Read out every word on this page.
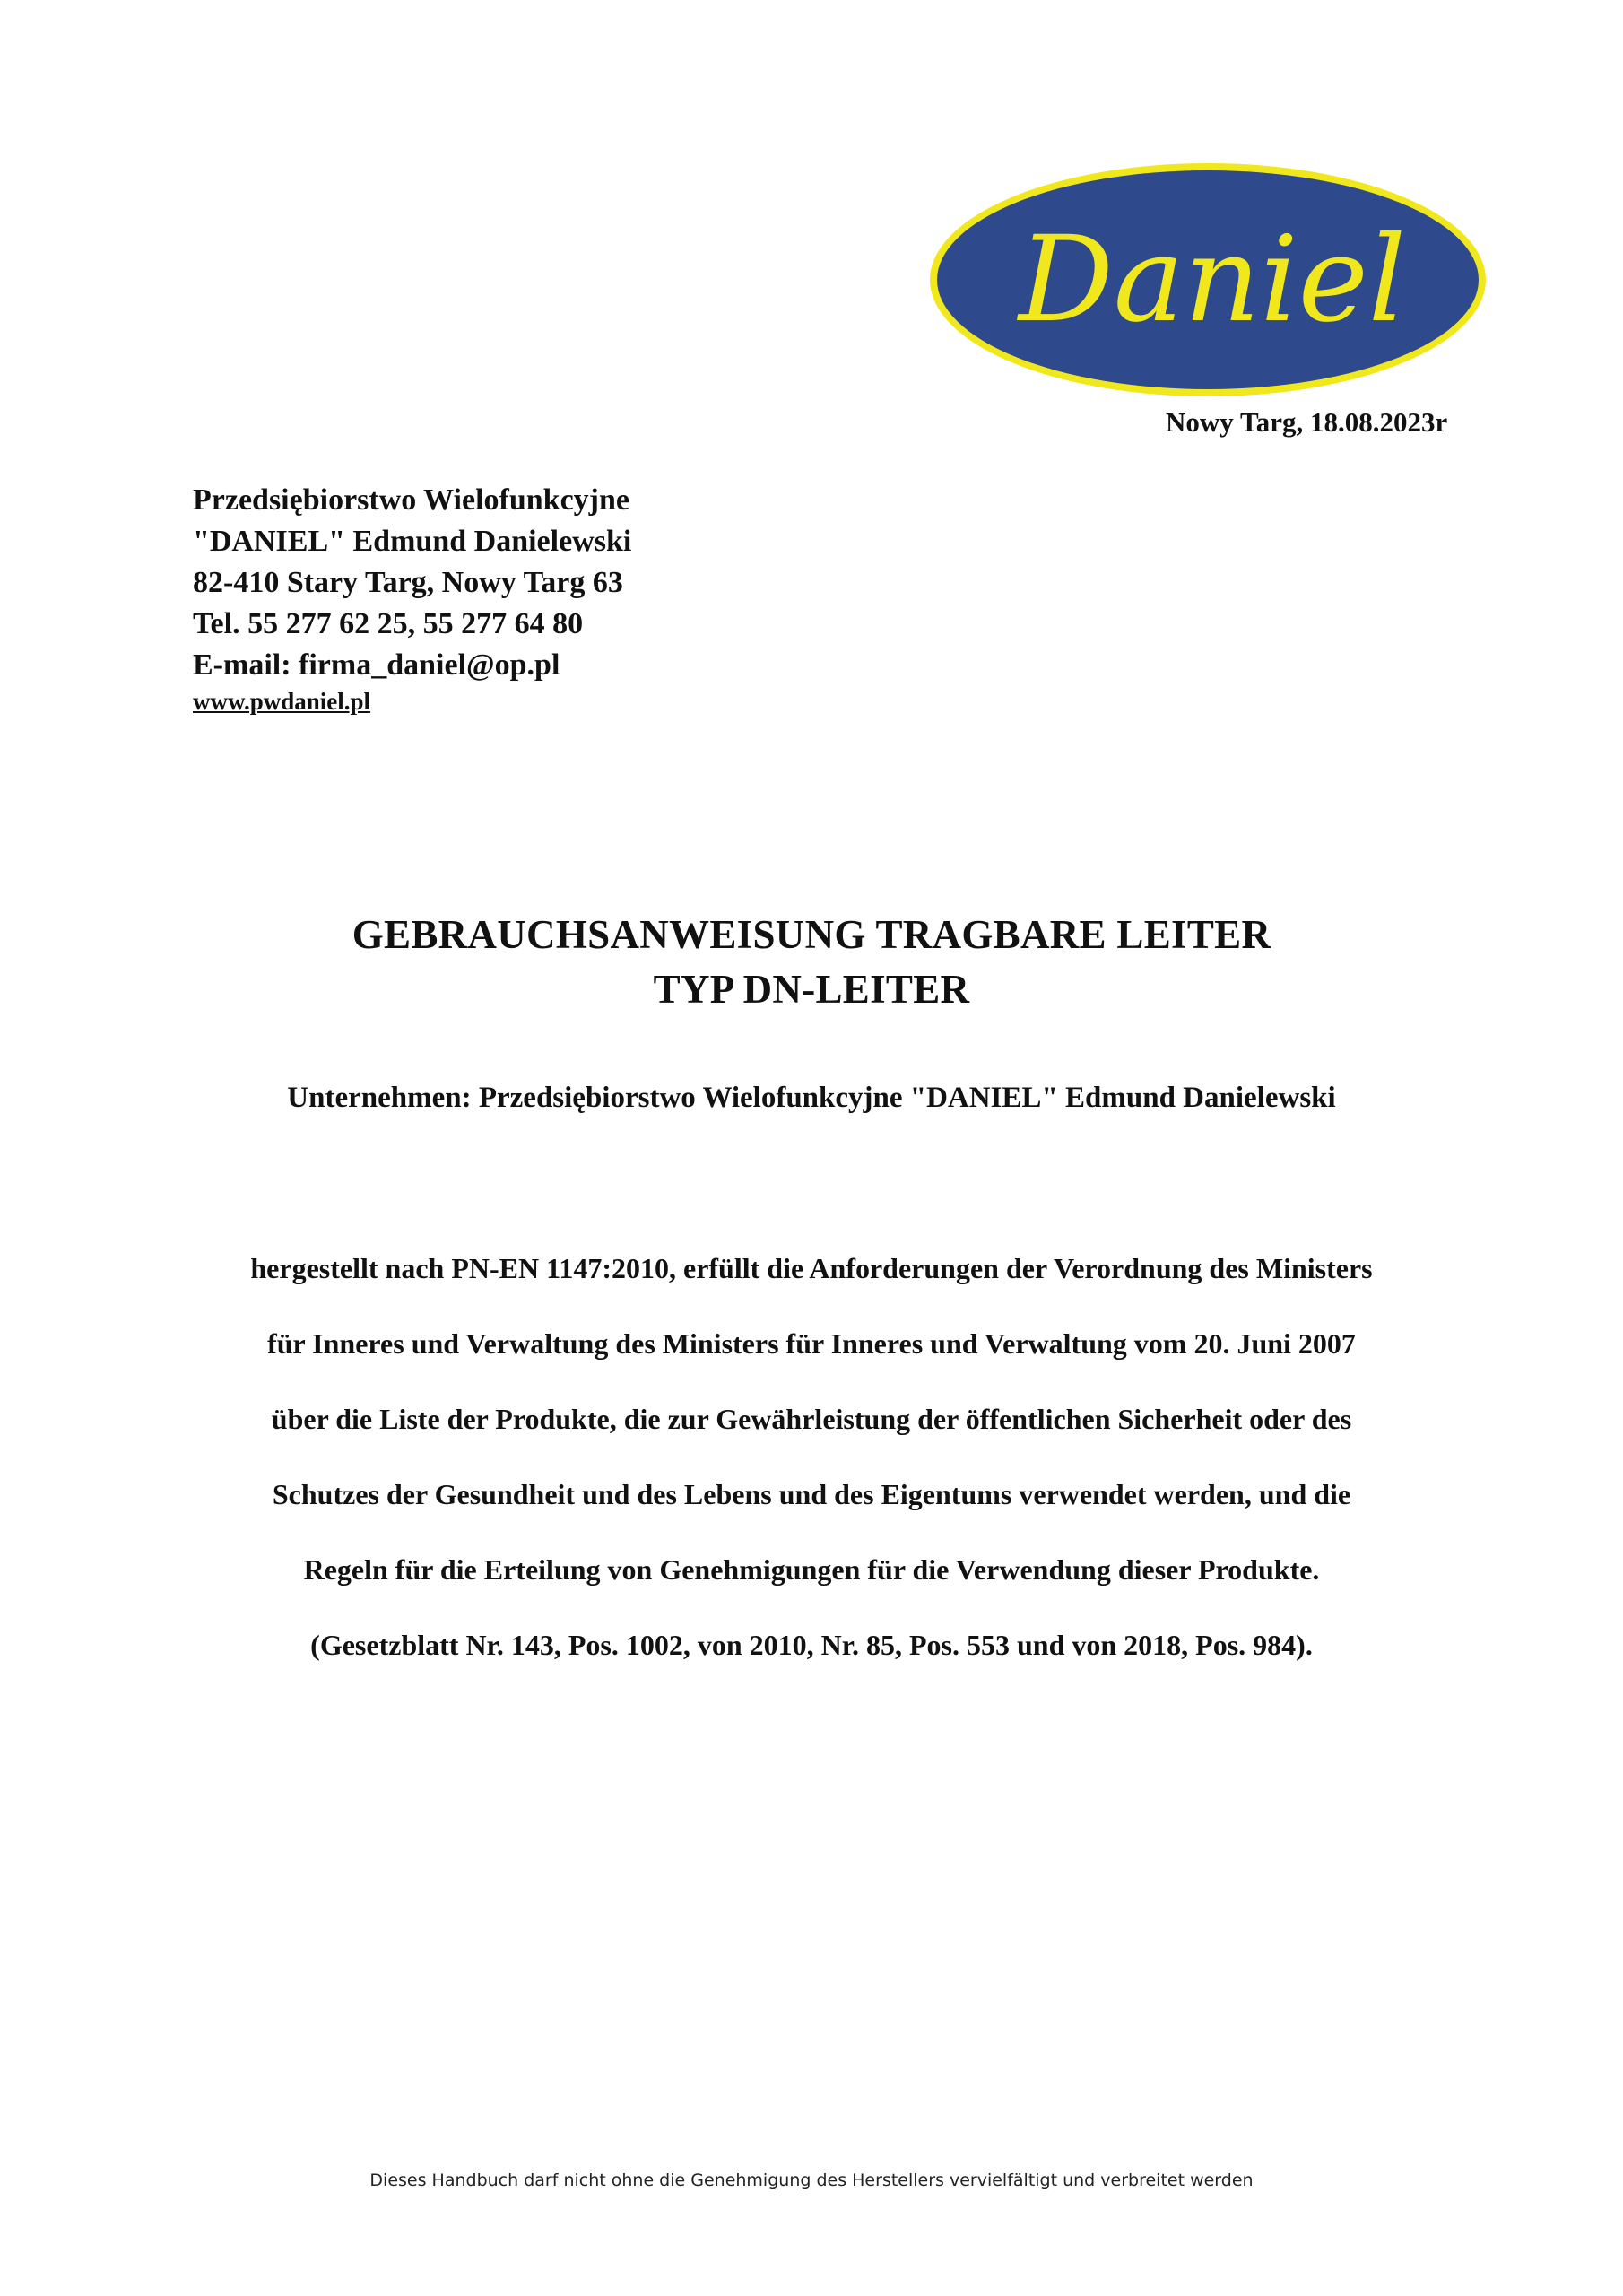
Daniel
Nowy Targ, 18.08.2023r
Przedsiębiorstwo Wielofunkcyjne
"DANIEL" Edmund Danielewski
82-410 Stary Targ, Nowy Targ 63
Tel. 55 277 62 25, 55 277 64 80
E-mail: firma_daniel@op.pl
www.pwdaniel.pl
GEBRAUCHSANWEISUNG TRAGBARE LEITER
TYP DN-LEITER
Unternehmen: Przedsiębiorstwo Wielofunkcyjne "DANIEL" Edmund Danielewski
hergestellt nach PN-EN 1147:2010, erfüllt die Anforderungen der Verordnung des Ministers
für Inneres und Verwaltung des Ministers für Inneres und Verwaltung vom 20. Juni 2007
über die Liste der Produkte, die zur Gewährleistung der öffentlichen Sicherheit oder des
Schutzes der Gesundheit und des Lebens und des Eigentums verwendet werden, und die
Regeln für die Erteilung von Genehmigungen für die Verwendung dieser Produkte.
(Gesetzblatt Nr. 143, Pos. 1002, von 2010, Nr. 85, Pos. 553 und von 2018, Pos. 984).
Dieses Handbuch darf nicht ohne die Genehmigung des Herstellers vervielfältigt und verbreitet werden
